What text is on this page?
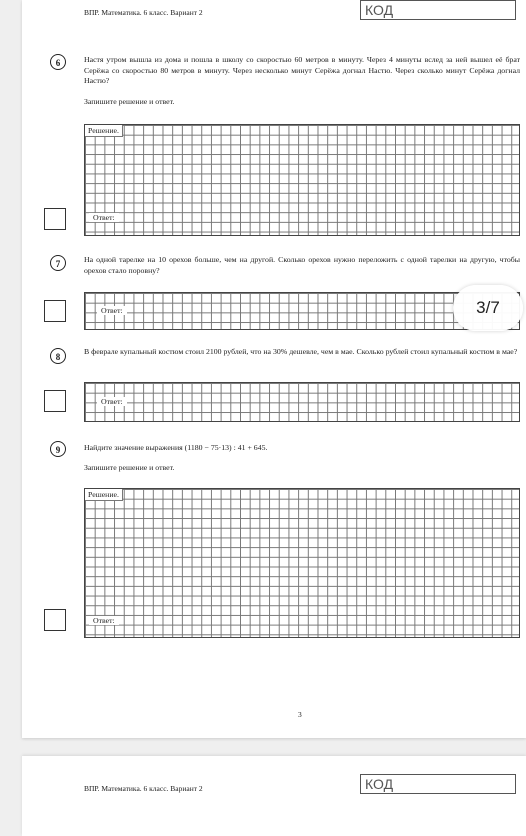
ВПР. Математика. 6 класс. Вариант 2	КОД
6	Настя утром вышла из дома и пошла в школу со скоростью 60 метров в минуту. Через 4 минуты вслед за ней вышел её брат Серёжа со скоростью 80 метров в минуту. Через несколько минут Серёжа догнал Настю. Через сколько минут Серёжа догнал Настю?
Запишите решение и ответ.
Решение.
Ответ:
7	На одной тарелке на 10 орехов больше, чем на другой. Сколько орехов нужно переложить с одной тарелки на другую, чтобы орехов стало поровну?
Ответ:
8
В феврале купальный костюм стоил 2100 рублей, что на 30% дешевле, чем в мае. Сколько рублей стоил купальный костюм в мае?
Ответ:
9	Найдите значение выражения (1180 − 75·13) : 41 + 645.
Запишите решение и ответ.
Решение.
Ответ:
3
ВПР. Математика. 6 класс. Вариант 2	КОД
3/7
